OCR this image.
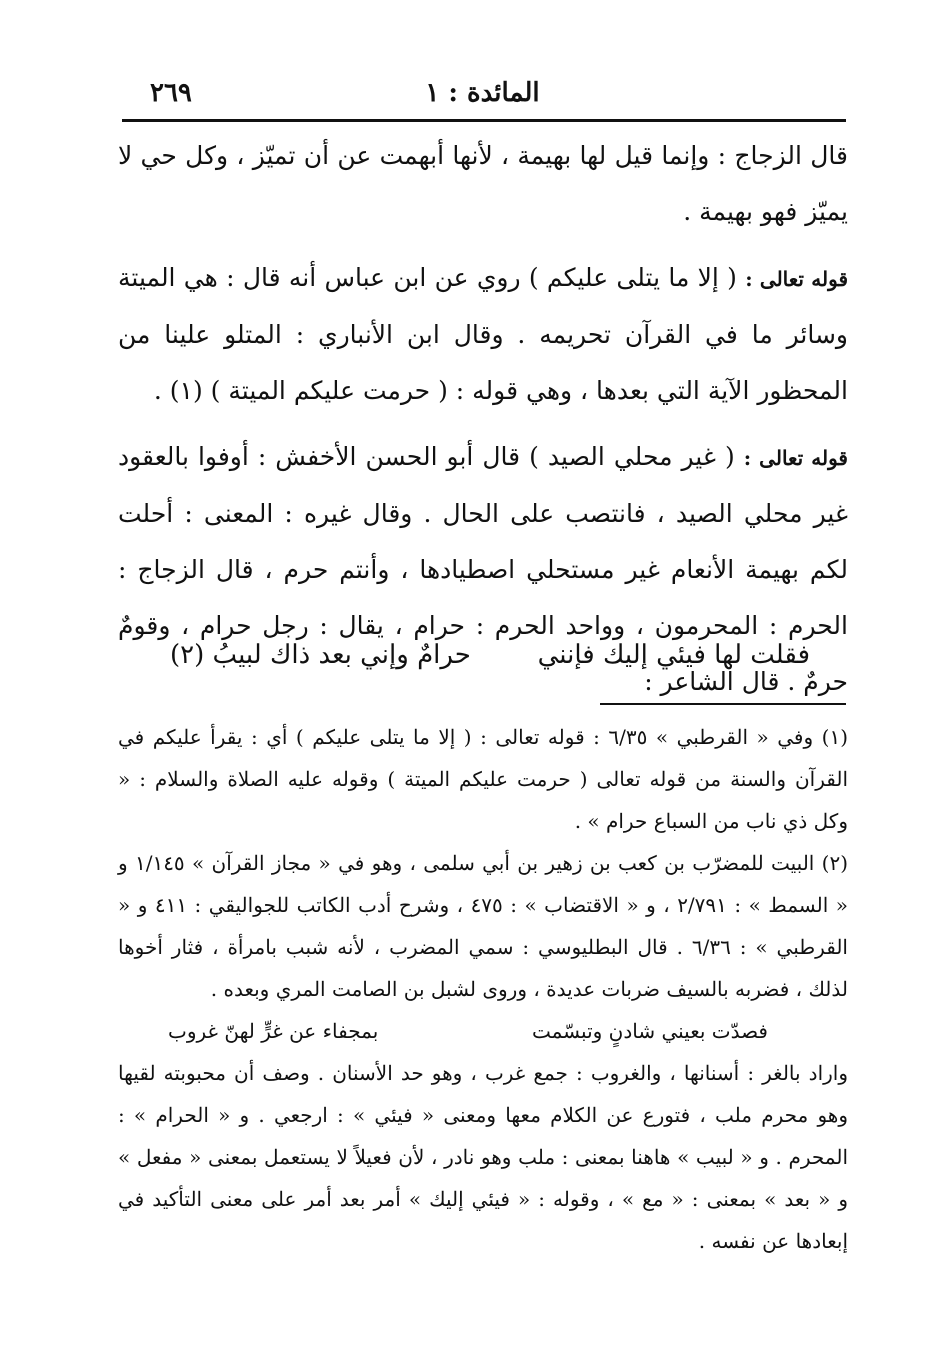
٢٦٩	المائدة : ١

قال الزجاج : وإنما قيل لها بهيمة ، لأنها أبهمت عن أن تميّز ، وكل حي لا يميّز فهو بهيمة .

قوله تعالى : ( إلا ما يتلى عليكم ) روي عن ابن عباس أنه قال : هي الميتة وسائر ما في القرآن تحريمه . وقال ابن الأنباري : المتلو علينا من المحظور الآية التي بعدها ، وهي قوله : ( حرمت عليكم الميتة ) (١) .

قوله تعالى : ( غير محلي الصيد ) قال أبو الحسن الأخفش : أوفوا بالعقود غير محلي الصيد ، فانتصب على الحال . وقال غيره : المعنى : أحلت لكم بهيمة الأنعام غير مستحلي اصطيادها ، وأنتم حرم ، قال الزجاج : الحرم : المحرمون ، وواحد الحرم : حرام ، يقال : رجل حرام ، وقومٌ حرمٌ . قال الشاعر :

فقلت لها فيئي إليك فإنني
حرامٌ وإني بعد ذاك لبيبُ (٢)

(١) وفي « القرطبي » ٦/٣٥ : قوله تعالى : ( إلا ما يتلى عليكم ) أي : يقرأ عليكم في القرآن والسنة من قوله تعالى ( حرمت عليكم الميتة ) وقوله عليه الصلاة والسلام : « وكل ذي ناب من السباع حرام » .

(٢) البيت للمضرّب بن كعب بن زهير بن أبي سلمى ، وهو في « مجاز القرآن » ١/١٤٥ و « السمط » : ٢/٧٩١ ، و « الاقتضاب » : ٤٧٥ ، وشرح أدب الكاتب للجواليقي : ٤١١ و « القرطبي » : ٦/٣٦ . قال البطليوسي : سمي المضرب ، لأنه شبب بامرأة ، فثار أخوها لذلك ، فضربه بالسيف ضربات عديدة ، وروى لشبل بن الصامت المري وبعده .

فصدّت بعيني شادنٍ وتبسّمت
بمجفاء عن غرٍّ لهنّ غروب

واراد بالغر : أسنانها ، والغروب : جمع غرب ، وهو حد الأسنان . وصف أن محبوبته لقيها وهو محرم ملب ، فتورع عن الكلام معها ومعنى « فيئي » : ارجعي . و « الحرام » : المحرم . و « لبيب » هاهنا بمعنى : ملب وهو نادر ، لأن فعيلاً لا يستعمل بمعنى « مفعل » و « بعد » بمعنى : « مع » ، وقوله : « فيئي إليك » أمر بعد أمر على معنى التأكيد في إبعادها عن نفسه .
